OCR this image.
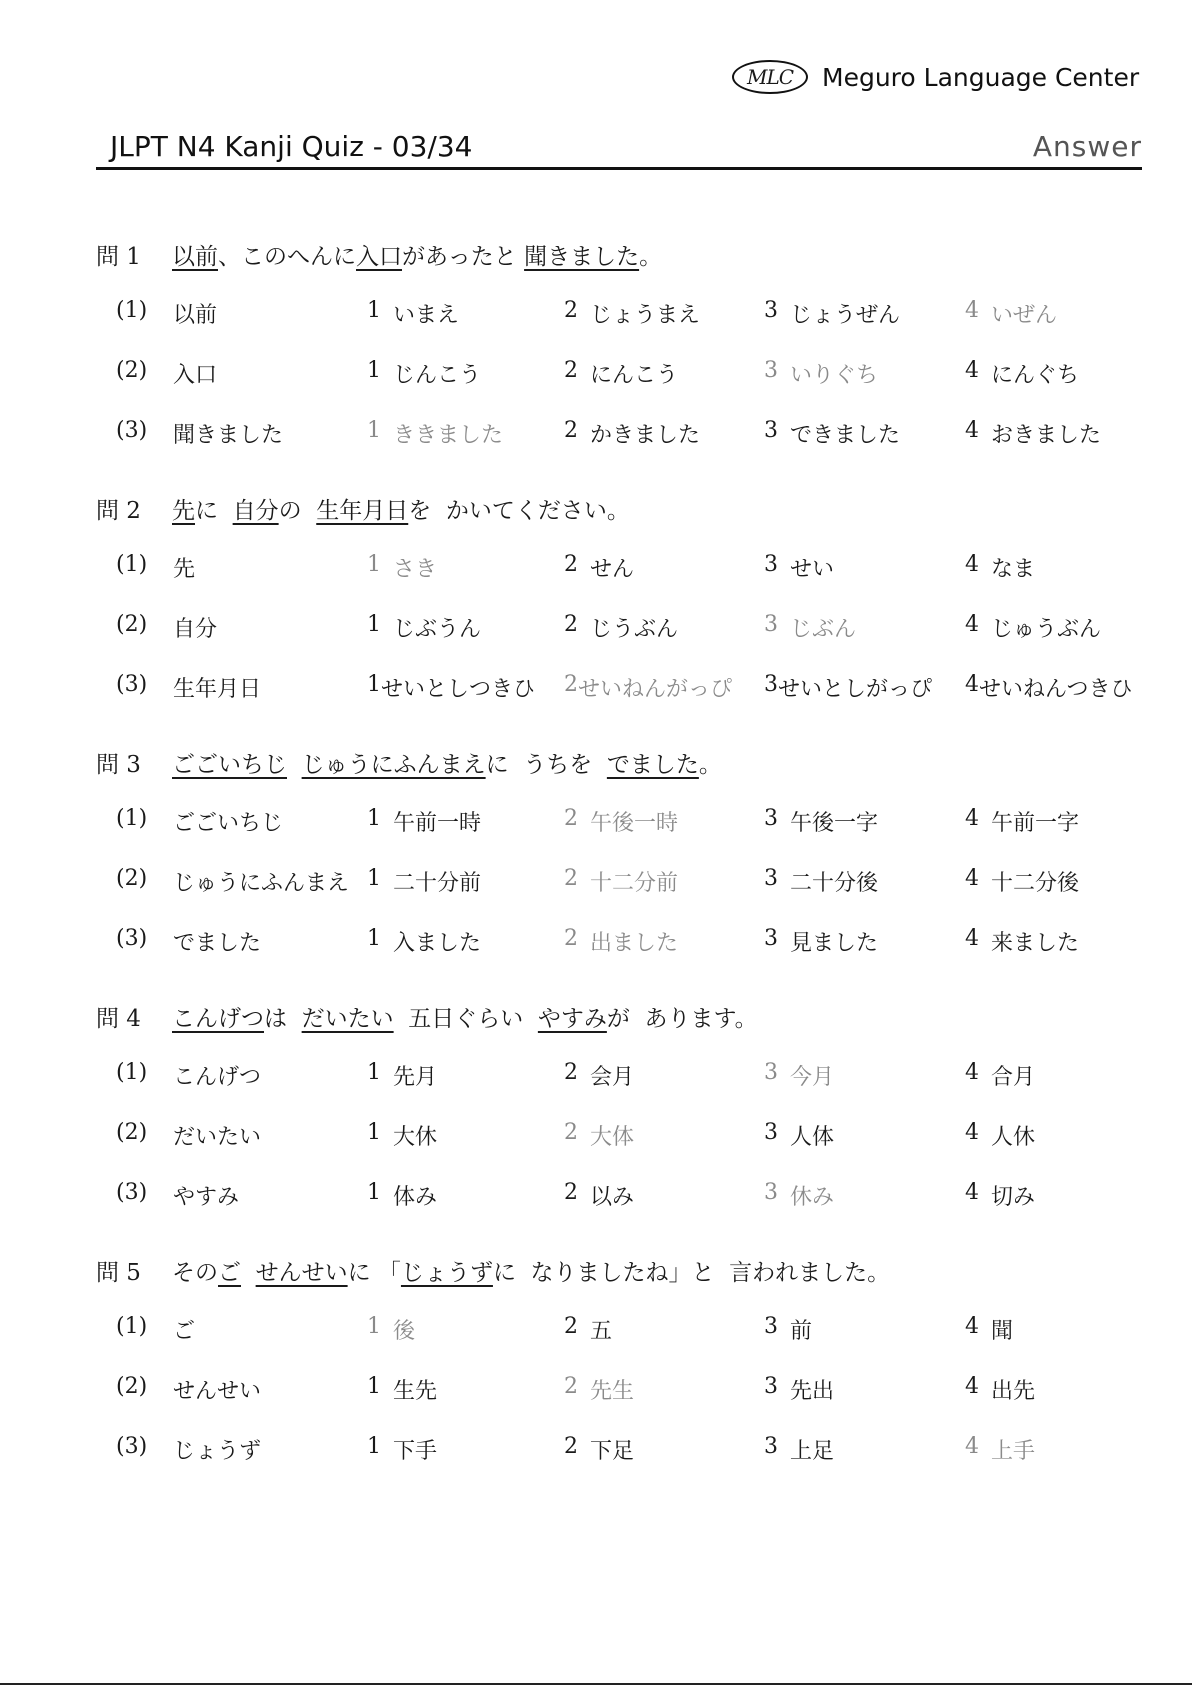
MLC	Meguro Language Center
JLPT N4 Kanji Quiz - 03/34	Answer
問 1	以前、このへんに入口があったと 聞きました。
(1) 以前	1 いまえ	2 じょうまえ	3 じょうぜん	4 いぜん
(2) 入口	1 じんこう	2 にんこう	3 いりぐち	4 にんぐち
(3) 聞きました	1 ききました	2 かきました	3 できました	4 おきました
問 2	先に  自分の  生年月日を  かいてください。
(1) 先	1 さき	2 せん	3 せい	4 なま
(2) 自分	1 じぶうん	2 じうぶん	3 じぶん	4 じゅうぶん
(3) 生年月日	1 せいとしつきひ 2 せいねんがっぴ 3 せいとしがっぴ 4 せいねんつきひ
問 3	ごごいちじ じゅうにふんまえに  うちを  でました。
(1) ごごいちじ	1 午前一時	2 午後一時	3 午後一字	4 午前一字
(2) じゅうにふんまえ 1 二十分前	2 十二分前	3 二十分後	4 十二分後
(3) でました	1 入ました	2 出ました	3 見ました	4 来ました
問 4	こんげつは  だいたい  五日ぐらい  やすみが  あります。
(1) こんげつ	1 先月	2 会月	3 今月	4 合月
(2) だいたい	1 大休	2 大体	3 人体	4 人休
(3) やすみ	1 体み	2 以み	3 休み	4 切み
問 5	そのご せんせいに 「じょうずに  なりましたね」と  言われました。
(1) ご	1 後	2 五	3 前	4 聞
(2) せんせい	1 生先	2 先生	3 先出	4 出先
(3) じょうず	1 下手	2 下足	3 上足	4 上手
